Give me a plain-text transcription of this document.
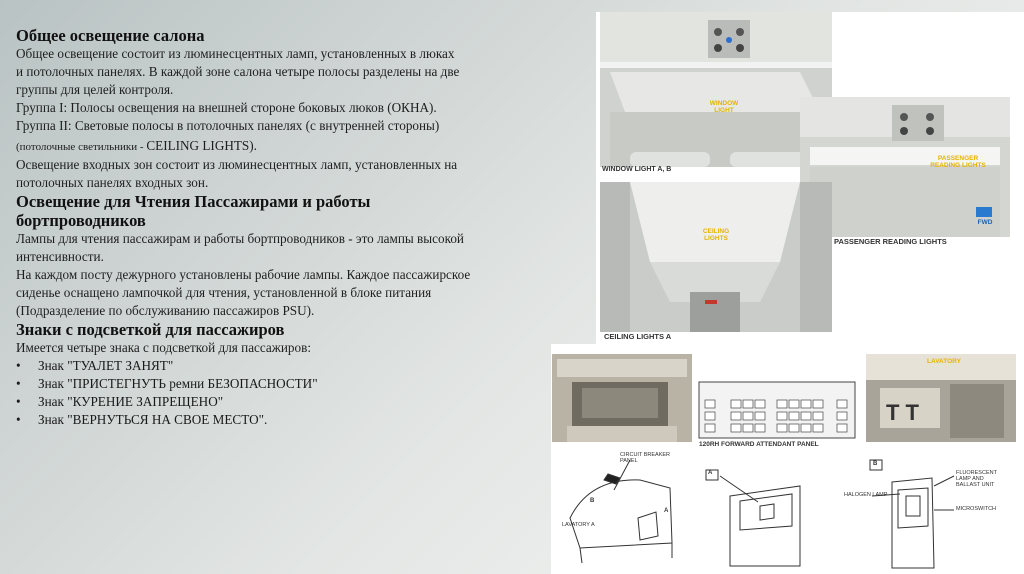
Общее освещение салона
Общее освещение состоит из люминесцентных ламп, установленных в люках
и потолочных панелях. В каждой зоне салона четыре полосы разделены на две
группы для целей контроля.
Группа I: Полосы освещения на внешней стороне боковых люков (ОКНА).
Группа II: Световые полосы в потолочных панелях (с внутренней стороны)
(потолочные светильники - CEILING LIGHTS).
Освещение входных зон состоит из люминесцентных ламп, установленных на
потолочных панелях входных зон.
Освещение для Чтения Пассажирами и работы бортпроводников
Лампы для чтения пассажирам и работы бортпроводников - это лампы высокой
интенсивности.
На каждом посту дежурного установлены рабочие лампы. Каждое пассажирское
сиденье оснащено лампочкой для чтения, установленной в блоке питания
(Подразделение по обслуживанию пассажиров PSU).
Знаки с подсветкой для пассажиров
Имеется четыре знака с подсветкой для пассажиров:
•	Знак "ТУАЛЕТ ЗАНЯТ"
•	Знак "ПРИСТЕГНУТЬ ремни БЕЗОПАСНОСТИ"
•	Знак "КУРЕНИЕ ЗАПРЕЩЕНО"
•	Знак "ВЕРНУТЬСЯ НА СВОЕ МЕСТО".
WINDOW
LIGHT
WINDOW LIGHT A, B
PASSENGER
READING LIGHTS
FWD
PASSENGER READING LIGHTS
CEILING
LIGHTS
CEILING LIGHTS A
120RH FORWARD ATTENDANT PANEL
T T
LAVATORY
CIRCUIT BREAKER
PANEL
B
A
LAVATORY A
A
B
HALOGEN LAMP
FLUORESCENT
LAMP AND
BALLAST UNIT
MICROSWITCH
